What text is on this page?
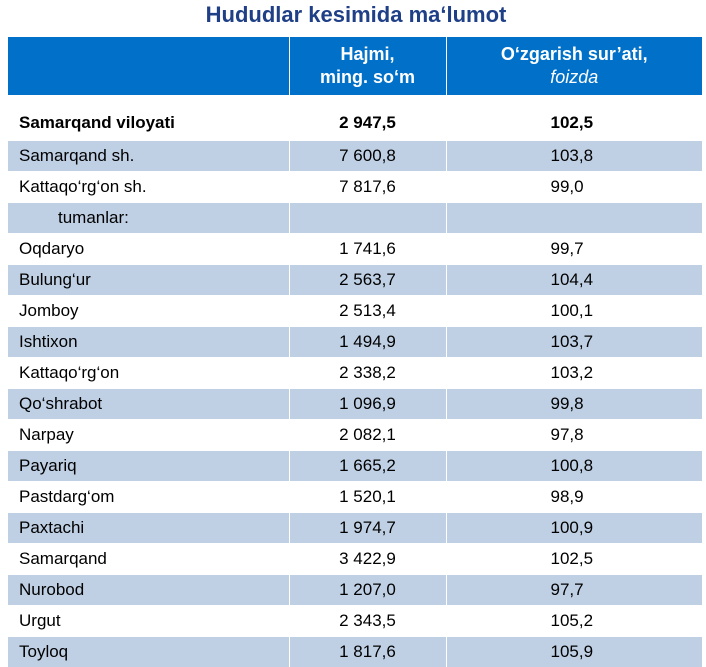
Hududlar kesimida ma‘lumot
	Hajmi,
ming. so‘m	O‘zgarish sur’ati,
foizda

Samarqand viloyati	2 947,5	102,5
Samarqand sh.	7 600,8	103,8
Kattaqo‘rg‘on sh.	7 817,6	99,0
tumanlar:		
Oqdaryo	1 741,6	99,7
Bulung‘ur	2 563,7	104,4
Jomboy	2 513,4	100,1
Ishtixon	1 494,9	103,7
Kattaqo‘rg‘on	2 338,2	103,2
Qo‘shrabot	1 096,9	99,8
Narpay	2 082,1	97,8
Payariq	1 665,2	100,8
Pastdarg‘om	1 520,1	98,9
Paxtachi	1 974,7	100,9
Samarqand	3 422,9	102,5
Nurobod	1 207,0	97,7
Urgut	2 343,5	105,2
Toyloq	1 817,6	105,9
